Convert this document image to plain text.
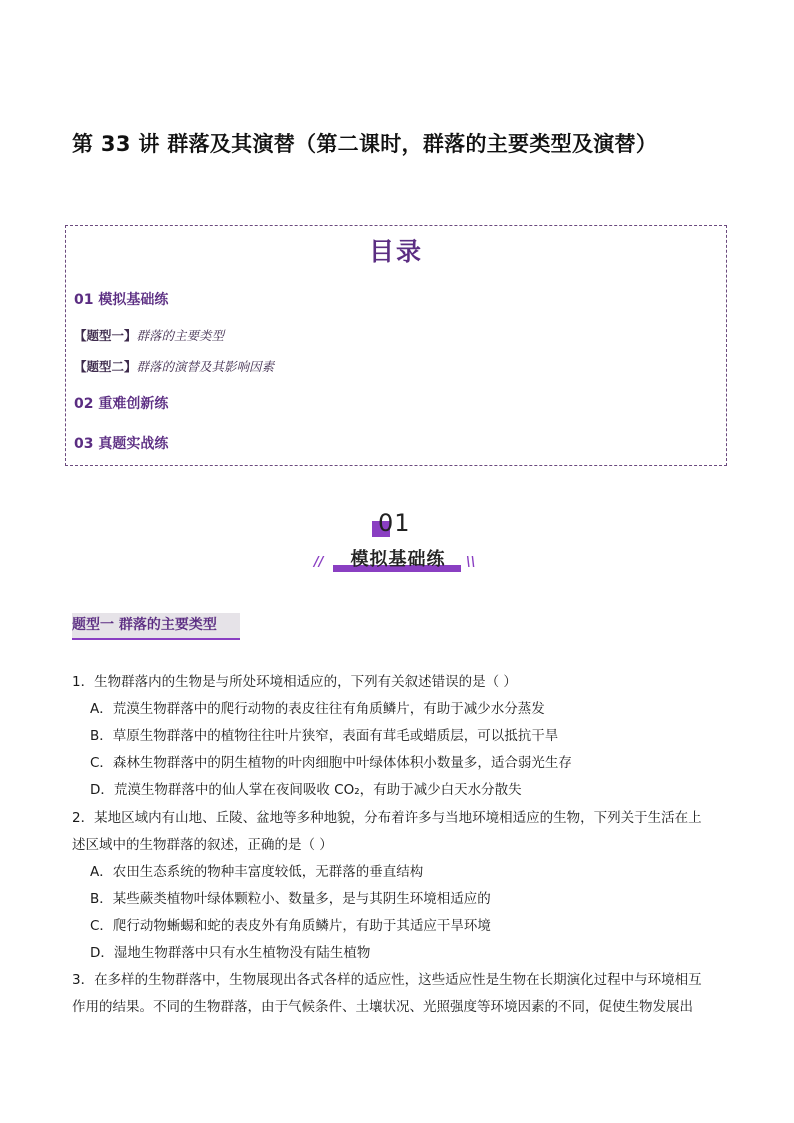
第 33 讲 群落及其演替（第二课时，群落的主要类型及演替）
目录
01 模拟基础练
【题型一】群落的主要类型
【题型二】群落的演替及其影响因素
02 重难创新练
03 真题实战练
01
模拟基础练
//	\\
题型一 群落的主要类型
1．生物群落内的生物是与所处环境相适应的，下列有关叙述错误的是（ ）
A．荒漠生物群落中的爬行动物的表皮往往有角质鳞片，有助于减少水分蒸发
B．草原生物群落中的植物往往叶片狭窄，表面有茸毛或蜡质层，可以抵抗干旱
C．森林生物群落中的阴生植物的叶肉细胞中叶绿体体积小数量多，适合弱光生存
D．荒漠生物群落中的仙人掌在夜间吸收 CO₂，有助于减少白天水分散失
2．某地区域内有山地、丘陵、盆地等多种地貌，分布着许多与当地环境相适应的生物，下列关于生活在上
述区域中的生物群落的叙述，正确的是（ ）
A．农田生态系统的物种丰富度较低，无群落的垂直结构
B．某些蕨类植物叶绿体颗粒小、数量多，是与其阴生环境相适应的
C．爬行动物蜥蜴和蛇的表皮外有角质鳞片，有助于其适应干旱环境
D．湿地生物群落中只有水生植物没有陆生植物
3．在多样的生物群落中，生物展现出各式各样的适应性，这些适应性是生物在长期演化过程中与环境相互
作用的结果。不同的生物群落，由于气候条件、土壤状况、光照强度等环境因素的不同，促使生物发展出
